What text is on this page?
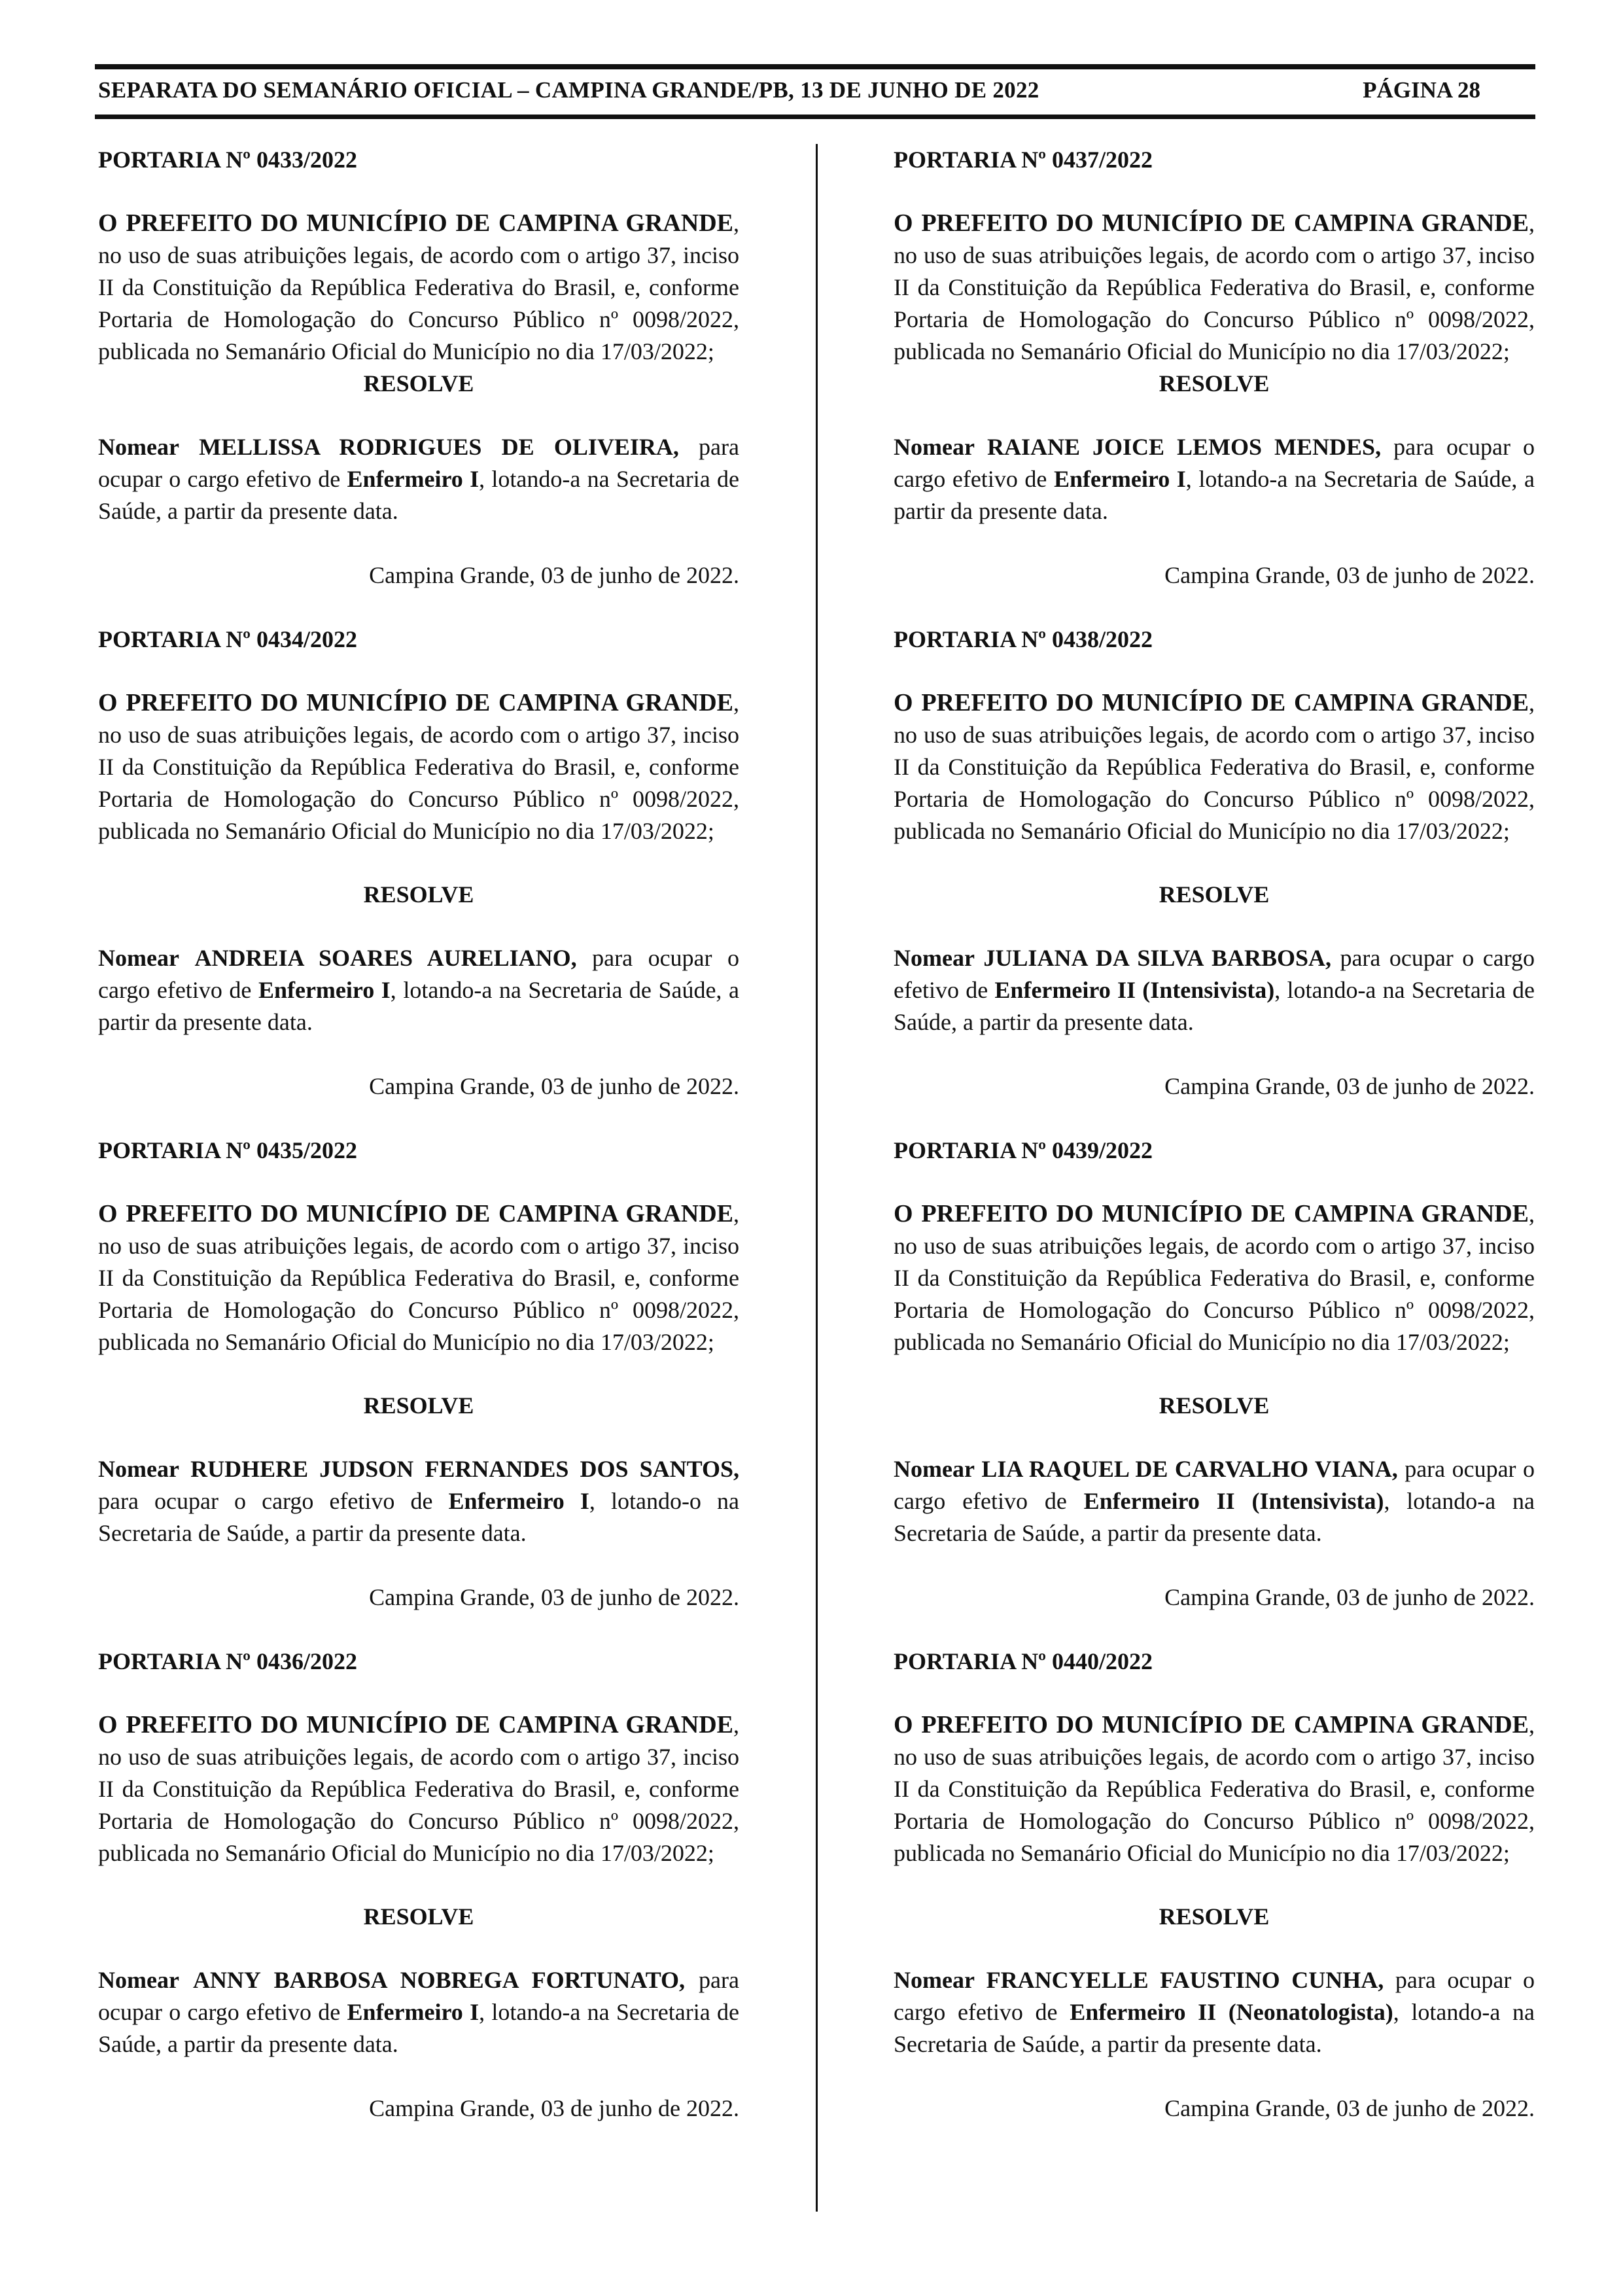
SEPARATA DO SEMANÁRIO OFICIAL – CAMPINA GRANDE/PB, 13 DE JUNHO DE 2022	PÁGINA 28

PORTARIA Nº 0433/2022

O PREFEITO DO MUNICÍPIO DE CAMPINA GRANDE, no uso de suas atribuições legais, de acordo com o artigo 37, inciso II da Constituição da República Federativa do Brasil, e, conforme Portaria de Homologação do Concurso Público nº 0098/2022, publicada no Semanário Oficial do Município no dia 17/03/2022;

RESOLVE

Nomear MELLISSA RODRIGUES DE OLIVEIRA, para ocupar o cargo efetivo de Enfermeiro I, lotando-a na Secretaria de Saúde, a partir da presente data.

Campina Grande, 03 de junho de 2022.

PORTARIA Nº 0434/2022

O PREFEITO DO MUNICÍPIO DE CAMPINA GRANDE, no uso de suas atribuições legais, de acordo com o artigo 37, inciso II da Constituição da República Federativa do Brasil, e, conforme Portaria de Homologação do Concurso Público nº 0098/2022, publicada no Semanário Oficial do Município no dia 17/03/2022;

RESOLVE

Nomear ANDREIA SOARES AURELIANO, para ocupar o cargo efetivo de Enfermeiro I, lotando-a na Secretaria de Saúde, a partir da presente data.

Campina Grande, 03 de junho de 2022.

PORTARIA Nº 0435/2022

O PREFEITO DO MUNICÍPIO DE CAMPINA GRANDE, no uso de suas atribuições legais, de acordo com o artigo 37, inciso II da Constituição da República Federativa do Brasil, e, conforme Portaria de Homologação do Concurso Público nº 0098/2022, publicada no Semanário Oficial do Município no dia 17/03/2022;

RESOLVE

Nomear RUDHERE JUDSON FERNANDES DOS SANTOS, para ocupar o cargo efetivo de Enfermeiro I, lotando-o na Secretaria de Saúde, a partir da presente data.

Campina Grande, 03 de junho de 2022.

PORTARIA Nº 0436/2022

O PREFEITO DO MUNICÍPIO DE CAMPINA GRANDE, no uso de suas atribuições legais, de acordo com o artigo 37, inciso II da Constituição da República Federativa do Brasil, e, conforme Portaria de Homologação do Concurso Público nº 0098/2022, publicada no Semanário Oficial do Município no dia 17/03/2022;

RESOLVE

Nomear ANNY BARBOSA NOBREGA FORTUNATO, para ocupar o cargo efetivo de Enfermeiro I, lotando-a na Secretaria de Saúde, a partir da presente data.

Campina Grande, 03 de junho de 2022.

PORTARIA Nº 0437/2022

O PREFEITO DO MUNICÍPIO DE CAMPINA GRANDE, no uso de suas atribuições legais, de acordo com o artigo 37, inciso II da Constituição da República Federativa do Brasil, e, conforme Portaria de Homologação do Concurso Público nº 0098/2022, publicada no Semanário Oficial do Município no dia 17/03/2022;

RESOLVE

Nomear RAIANE JOICE LEMOS MENDES, para ocupar o cargo efetivo de Enfermeiro I, lotando-a na Secretaria de Saúde, a partir da presente data.

Campina Grande, 03 de junho de 2022.

PORTARIA Nº 0438/2022

O PREFEITO DO MUNICÍPIO DE CAMPINA GRANDE, no uso de suas atribuições legais, de acordo com o artigo 37, inciso II da Constituição da República Federativa do Brasil, e, conforme Portaria de Homologação do Concurso Público nº 0098/2022, publicada no Semanário Oficial do Município no dia 17/03/2022;

RESOLVE

Nomear JULIANA DA SILVA BARBOSA, para ocupar o cargo efetivo de Enfermeiro II (Intensivista), lotando-a na Secretaria de Saúde, a partir da presente data.

Campina Grande, 03 de junho de 2022.

PORTARIA Nº 0439/2022

O PREFEITO DO MUNICÍPIO DE CAMPINA GRANDE, no uso de suas atribuições legais, de acordo com o artigo 37, inciso II da Constituição da República Federativa do Brasil, e, conforme Portaria de Homologação do Concurso Público nº 0098/2022, publicada no Semanário Oficial do Município no dia 17/03/2022;

RESOLVE

Nomear LIA RAQUEL DE CARVALHO VIANA, para ocupar o cargo efetivo de Enfermeiro II (Intensivista), lotando-a na Secretaria de Saúde, a partir da presente data.

Campina Grande, 03 de junho de 2022.

PORTARIA Nº 0440/2022

O PREFEITO DO MUNICÍPIO DE CAMPINA GRANDE, no uso de suas atribuições legais, de acordo com o artigo 37, inciso II da Constituição da República Federativa do Brasil, e, conforme Portaria de Homologação do Concurso Público nº 0098/2022, publicada no Semanário Oficial do Município no dia 17/03/2022;

RESOLVE

Nomear FRANCYELLE FAUSTINO CUNHA, para ocupar o cargo efetivo de Enfermeiro II (Neonatologista), lotando-a na Secretaria de Saúde, a partir da presente data.

Campina Grande, 03 de junho de 2022.
